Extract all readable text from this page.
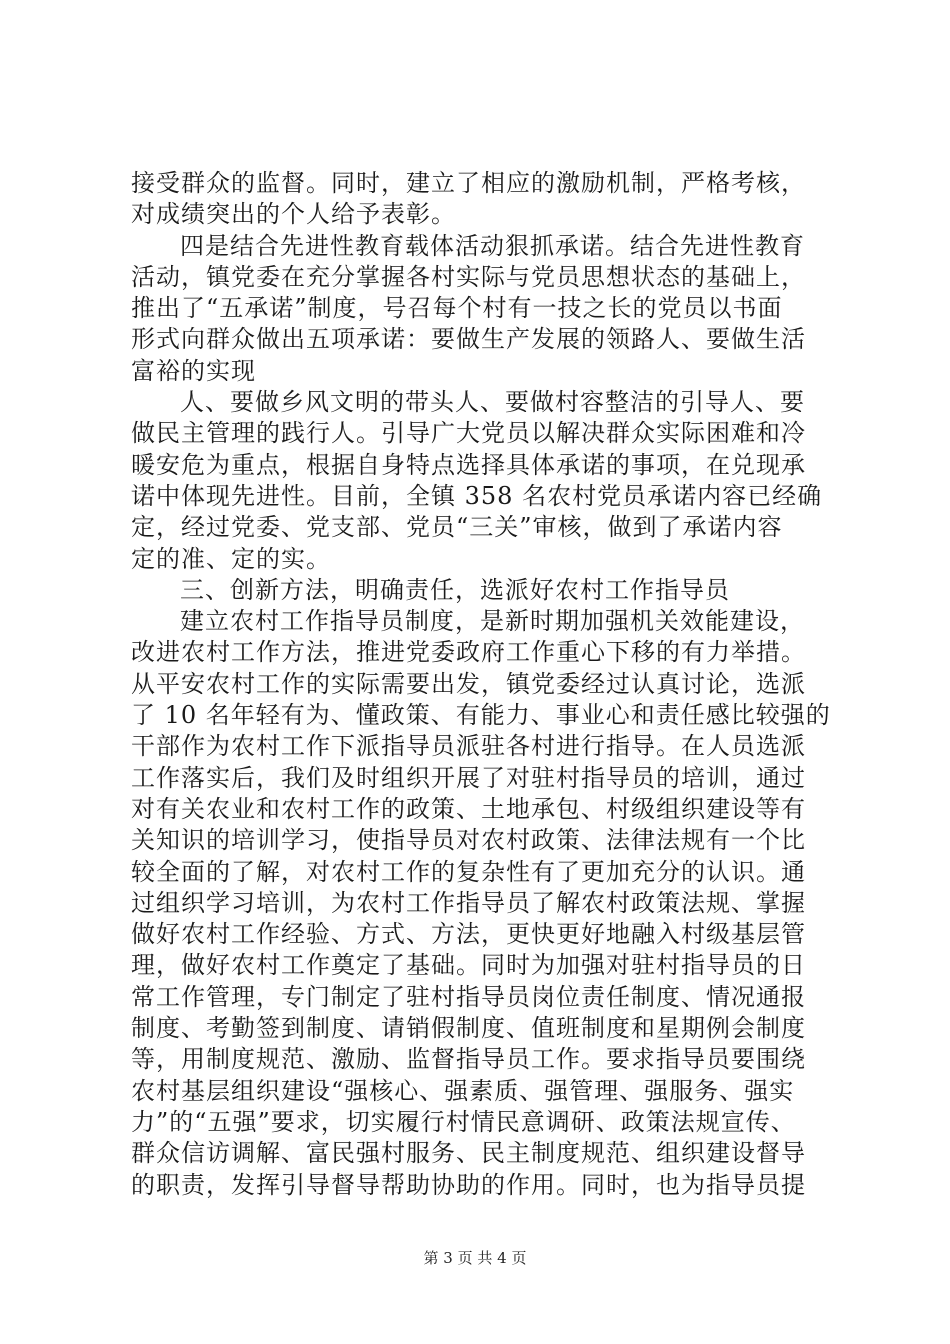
接受群众的监督。同时，建立了相应的激励机制，严格考核，
对成绩突出的个人给予表彰。
四是结合先进性教育载体活动狠抓承诺。结合先进性教育
活动，镇党委在充分掌握各村实际与党员思想状态的基础上，
推出了“五承诺”制度，号召每个村有一技之长的党员以书面
形式向群众做出五项承诺：要做生产发展的领路人、要做生活
富裕的实现
人、要做乡风文明的带头人、要做村容整洁的引导人、要
做民主管理的践行人。引导广大党员以解决群众实际困难和冷
暖安危为重点，根据自身特点选择具体承诺的事项，在兑现承
诺中体现先进性。目前，全镇 358 名农村党员承诺内容已经确
定，经过党委、党支部、党员“三关”审核，做到了承诺内容
定的准、定的实。
三、创新方法，明确责任，选派好农村工作指导员
建立农村工作指导员制度，是新时期加强机关效能建设，
改进农村工作方法，推进党委政府工作重心下移的有力举措。
从平安农村工作的实际需要出发，镇党委经过认真讨论，选派
了 10 名年轻有为、懂政策、有能力、事业心和责任感比较强的
干部作为农村工作下派指导员派驻各村进行指导。在人员选派
工作落实后，我们及时组织开展了对驻村指导员的培训，通过
对有关农业和农村工作的政策、土地承包、村级组织建设等有
关知识的培训学习，使指导员对农村政策、法律法规有一个比
较全面的了解，对农村工作的复杂性有了更加充分的认识。通
过组织学习培训，为农村工作指导员了解农村政策法规、掌握
做好农村工作经验、方式、方法，更快更好地融入村级基层管
理，做好农村工作奠定了基础。同时为加强对驻村指导员的日
常工作管理，专门制定了驻村指导员岗位责任制度、情况通报
制度、考勤签到制度、请销假制度、值班制度和星期例会制度
等，用制度规范、激励、监督指导员工作。要求指导员要围绕
农村基层组织建设“强核心、强素质、强管理、强服务、强实
力”的“五强”要求，切实履行村情民意调研、政策法规宣传、
群众信访调解、富民强村服务、民主制度规范、组织建设督导
的职责，发挥引导督导帮助协助的作用。同时，也为指导员提
第 3 页 共 4 页
